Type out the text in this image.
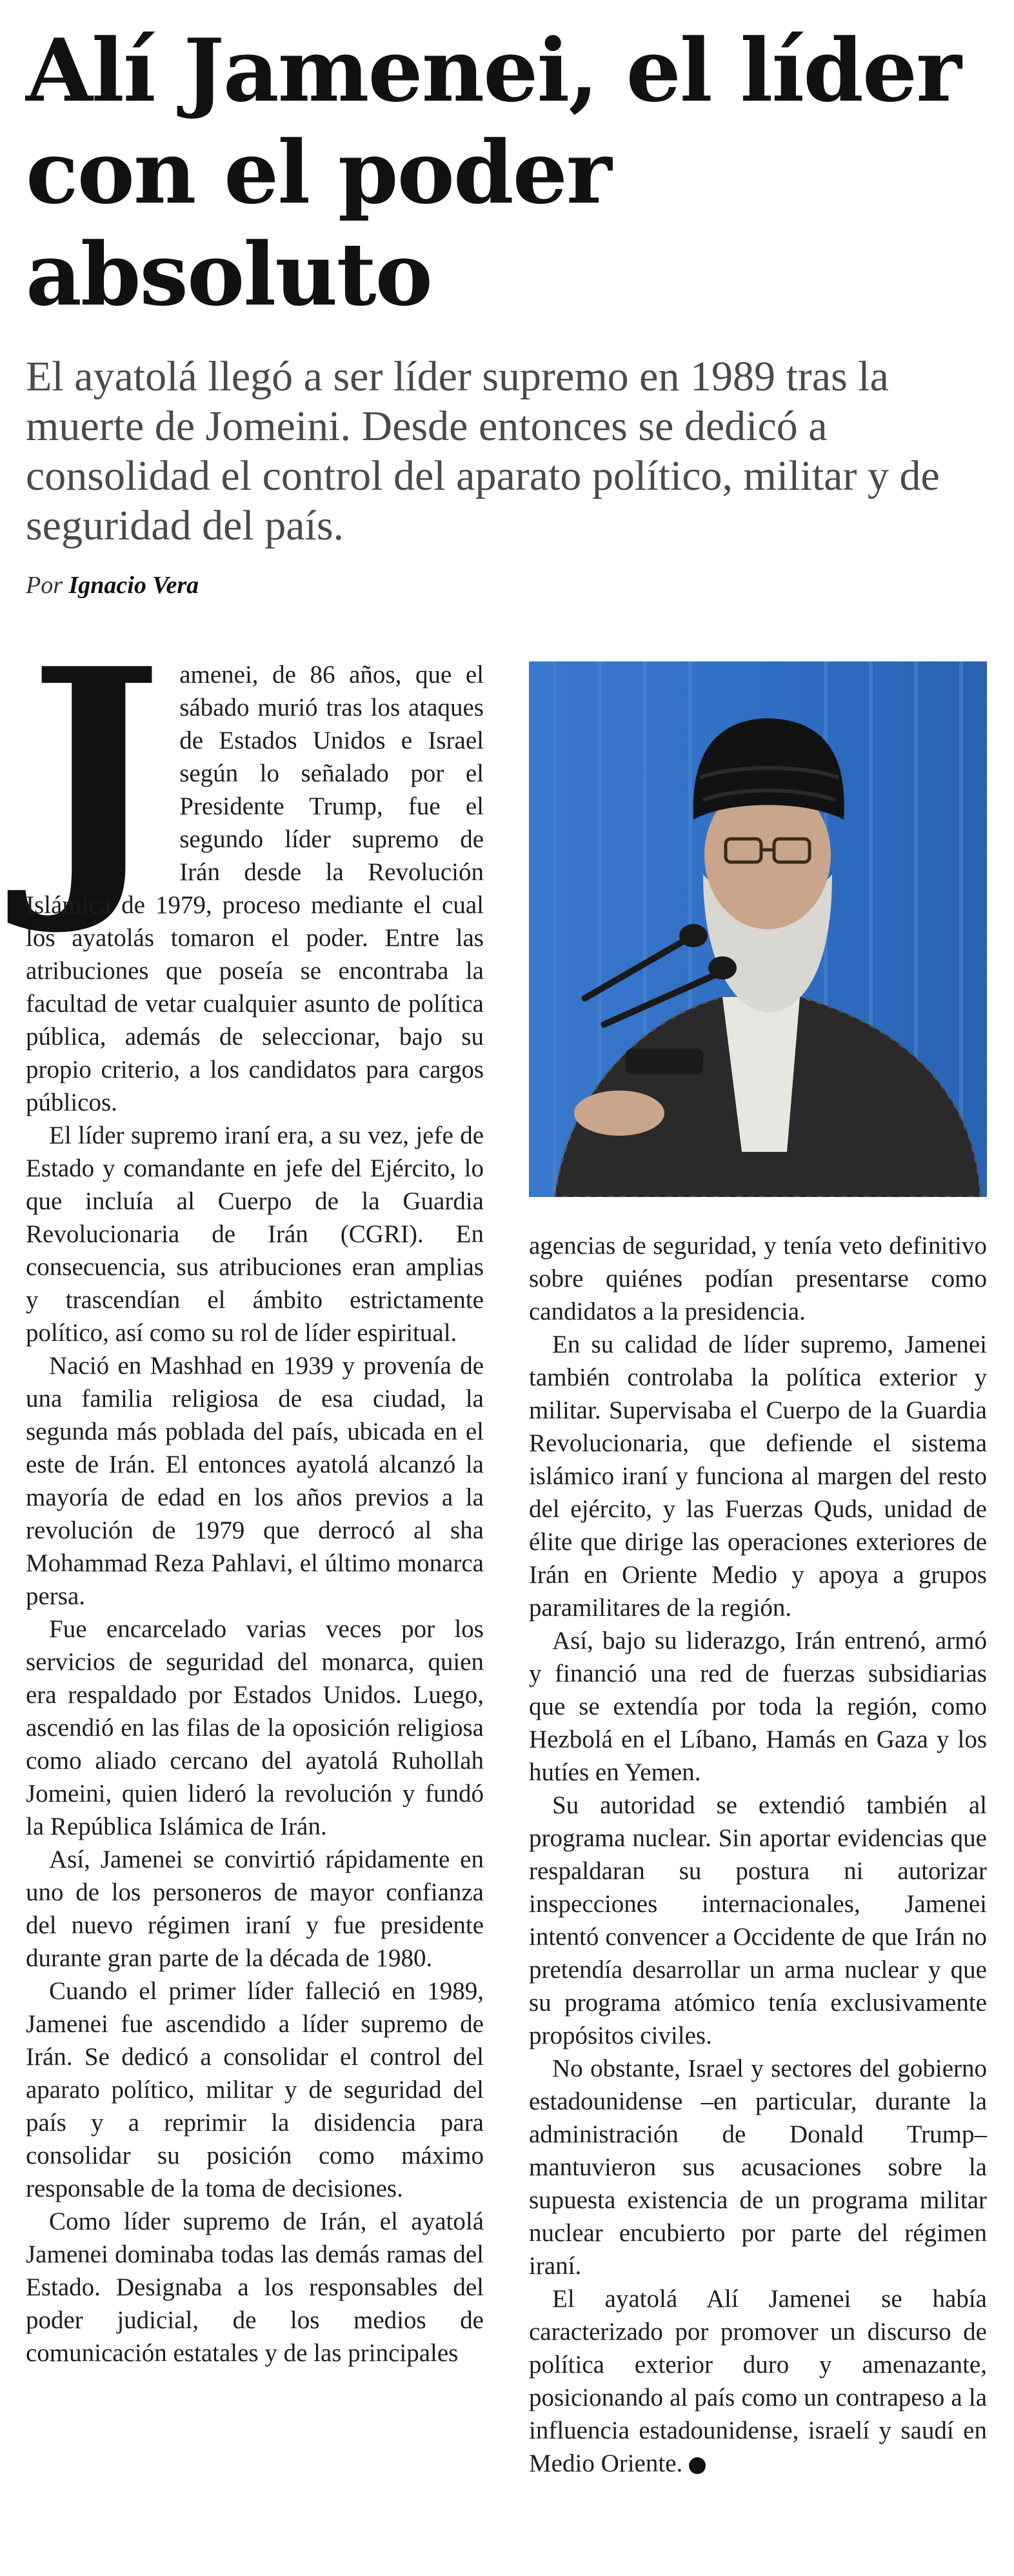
Alí Jamenei, el líder con el poder absoluto

El ayatolá llegó a ser líder supremo en 1989 tras la muerte de Jomeini. Desde entonces se dedicó a consolidad el control del aparato político, militar y de seguridad del país.

Por Ignacio Vera
J amenei, de 86 años, que el sábado murió tras los ataques de Estados Unidos e Israel según lo señalado por el Presidente Trump, fue el segundo líder supremo de Irán desde la Revolución Islámica de 1979, proceso mediante el cual los ayatolás tomaron el poder. Entre las atribuciones que poseía se encontraba la facultad de vetar cualquier asunto de política pública, además de seleccionar, bajo su propio criterio, a los candidatos para cargos públicos.

El líder supremo iraní era, a su vez, jefe de Estado y comandante en jefe del Ejército, lo que incluía al Cuerpo de la Guardia Revolucionaria de Irán (CGRI). En consecuencia, sus atribuciones eran amplias y trascendían el ámbito estrictamente político, así como su rol de líder espiritual.

Nació en Mashhad en 1939 y provenía de una familia religiosa de esa ciudad, la segunda más poblada del país, ubicada en el este de Irán. El entonces ayatolá alcanzó la mayoría de edad en los años previos a la revolución de 1979 que derrocó al sha Mohammad Reza Pahlavi, el último monarca persa.

Fue encarcelado varias veces por los servicios de seguridad del monarca, quien era respaldado por Estados Unidos. Luego, ascendió en las filas de la oposición religiosa como aliado cercano del ayatolá Ruhollah Jomeini, quien lideró la revolución y fundó la República Islámica de Irán.

Así, Jamenei se convirtió rápidamente en uno de los personeros de mayor confianza del nuevo régimen iraní y fue presidente durante gran parte de la década de 1980.

Cuando el primer líder falleció en 1989, Jamenei fue ascendido a líder supremo de Irán. Se dedicó a consolidar el control del aparato político, militar y de seguridad del país y a reprimir la disidencia para consolidar su posición como máximo responsable de la toma de decisiones.

Como líder supremo de Irán, el ayatolá Jamenei dominaba todas las demás ramas del Estado. Designaba a los responsables del poder judicial, de los medios de comunicación estatales y de las principales

agencias de seguridad, y tenía veto definitivo sobre quiénes podían presentarse como candidatos a la presidencia.

En su calidad de líder supremo, Jamenei también controlaba la política exterior y militar. Supervisaba el Cuerpo de la Guardia Revolucionaria, que defiende el sistema islámico iraní y funciona al margen del resto del ejército, y las Fuerzas Quds, unidad de élite que dirige las operaciones exteriores de Irán en Oriente Medio y apoya a grupos paramilitares de la región.

Así, bajo su liderazgo, Irán entrenó, armó y financió una red de fuerzas subsidiarias que se extendía por toda la región, como Hezbolá en el Líbano, Hamás en Gaza y los hutíes en Yemen.

Su autoridad se extendió también al programa nuclear. Sin aportar evidencias que respaldaran su postura ni autorizar inspecciones internacionales, Jamenei intentó convencer a Occidente de que Irán no pretendía desarrollar un arma nuclear y que su programa atómico tenía exclusivamente propósitos civiles.

No obstante, Israel y sectores del gobierno estadounidense –en particular, durante la administración de Donald Trump– mantuvieron sus acusaciones sobre la supuesta existencia de un programa militar nuclear encubierto por parte del régimen iraní.

El ayatolá Alí Jamenei se había caracterizado por promover un discurso de política exterior duro y amenazante, posicionando al país como un contrapeso a la influencia estadounidense, israelí y saudí en Medio Oriente.
